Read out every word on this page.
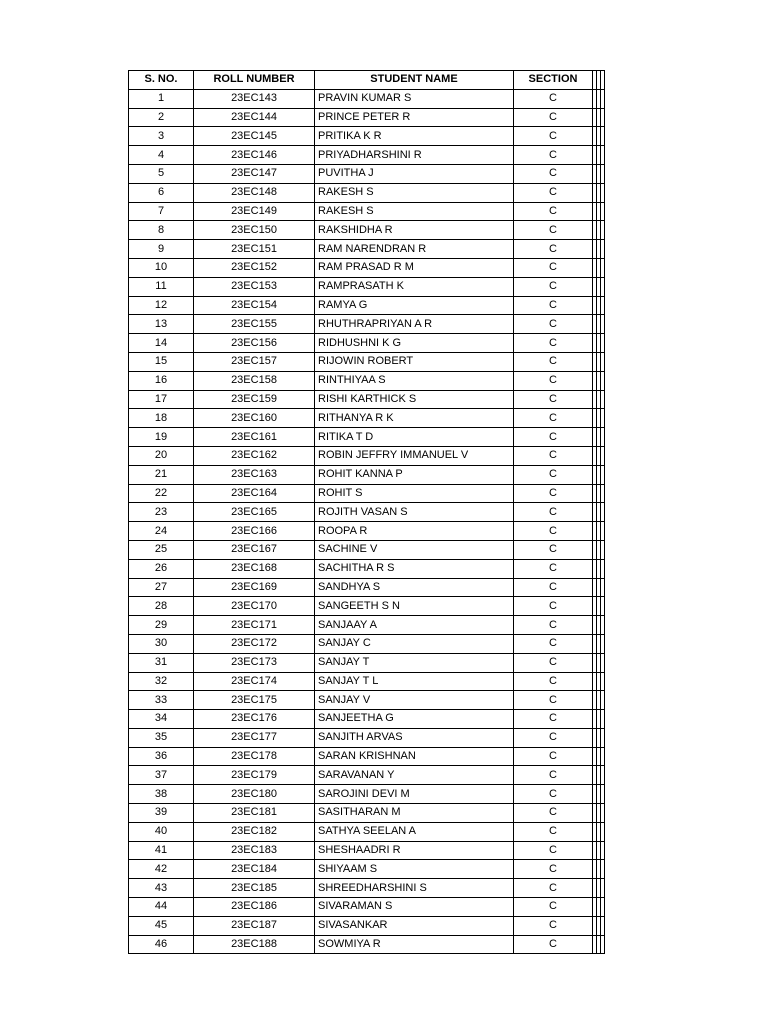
S. NO.	ROLL NUMBER	STUDENT NAME	SECTION			
1	23EC143	PRAVIN KUMAR S	C			
2	23EC144	PRINCE PETER R	C			
3	23EC145	PRITIKA K R	C			
4	23EC146	PRIYADHARSHINI R	C			
5	23EC147	PUVITHA J	C			
6	23EC148	RAKESH S	C			
7	23EC149	RAKESH S	C			
8	23EC150	RAKSHIDHA R	C			
9	23EC151	RAM NARENDRAN R	C			
10	23EC152	RAM PRASAD R M	C			
11	23EC153	RAMPRASATH K	C			
12	23EC154	RAMYA G	C			
13	23EC155	RHUTHRAPRIYAN A R	C			
14	23EC156	RIDHUSHNI K G	C			
15	23EC157	RIJOWIN ROBERT	C			
16	23EC158	RINTHIYAA S	C			
17	23EC159	RISHI KARTHICK S	C			
18	23EC160	RITHANYA R K	C			
19	23EC161	RITIKA T D	C			
20	23EC162	ROBIN JEFFRY IMMANUEL V	C			
21	23EC163	ROHIT KANNA P	C			
22	23EC164	ROHIT S	C			
23	23EC165	ROJITH VASAN S	C			
24	23EC166	ROOPA R	C			
25	23EC167	SACHINE V	C			
26	23EC168	SACHITHA R S	C			
27	23EC169	SANDHYA S	C			
28	23EC170	SANGEETH S N	C			
29	23EC171	SANJAAY A	C			
30	23EC172	SANJAY C	C			
31	23EC173	SANJAY T	C			
32	23EC174	SANJAY T L	C			
33	23EC175	SANJAY V	C			
34	23EC176	SANJEETHA G	C			
35	23EC177	SANJITH ARVAS	C			
36	23EC178	SARAN KRISHNAN	C			
37	23EC179	SARAVANAN Y	C			
38	23EC180	SAROJINI DEVI M	C			
39	23EC181	SASITHARAN M	C			
40	23EC182	SATHYA SEELAN A	C			
41	23EC183	SHESHAADRI R	C			
42	23EC184	SHIYAAM S	C			
43	23EC185	SHREEDHARSHINI S	C			
44	23EC186	SIVARAMAN S	C			
45	23EC187	SIVASANKAR	C			
46	23EC188	SOWMIYA R	C			
